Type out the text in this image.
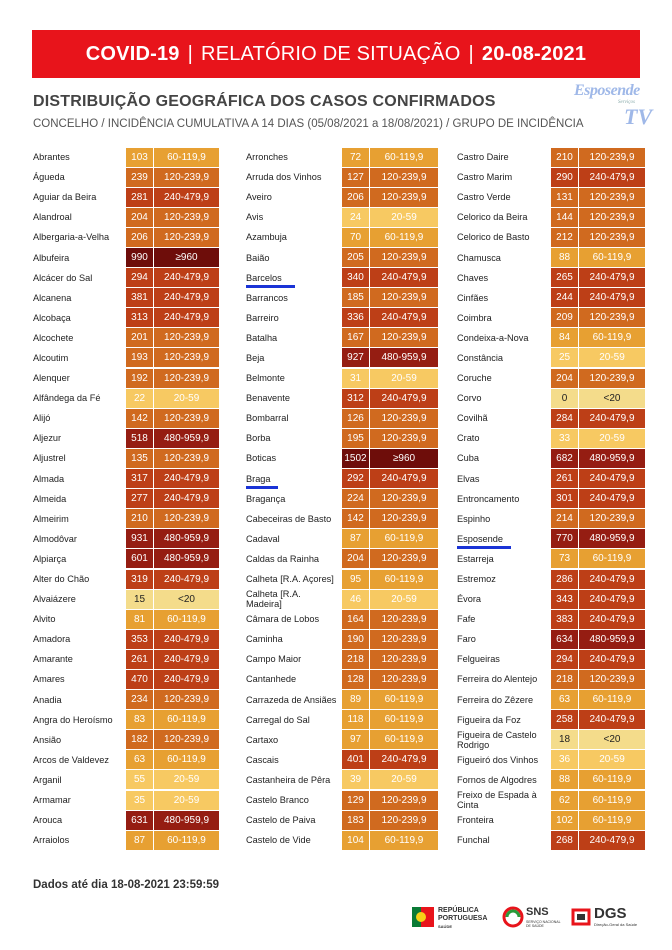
COVID-19 | RELATÓRIO DE SITUAÇÃO | 20-08-2021
DISTRIBUIÇÃO GEOGRÁFICA DOS CASOS CONFIRMADOS
CONCELHO / INCIDÊNCIA CUMULATIVA A 14 DIAS (05/08/2021 a 18/08/2021) / GRUPO DE INCIDÊNCIA
Esposende
Serviços
TV
Abrantes	103	60-119,9
Águeda	239	120-239,9
Aguiar da Beira	281	240-479,9
Alandroal	204	120-239,9
Albergaria-a-Velha	206	120-239,9
Albufeira	990	≥960
Alcácer do Sal	294	240-479,9
Alcanena	381	240-479,9
Alcobaça	313	240-479,9
Alcochete	201	120-239,9
Alcoutim	193	120-239,9
Alenquer	192	120-239,9
Alfândega da Fé	22	20-59
Alijó	142	120-239,9
Aljezur	518	480-959,9
Aljustrel	135	120-239,9
Almada	317	240-479,9
Almeida	277	240-479,9
Almeirim	210	120-239,9
Almodôvar	931	480-959,9
Alpiarça	601	480-959,9
Alter do Chão	319	240-479,9
Alvaiázere	15	<20
Alvito	81	60-119,9
Amadora	353	240-479,9
Amarante	261	240-479,9
Amares	470	240-479,9
Anadia	234	120-239,9
Angra do Heroísmo	83	60-119,9
Ansião	182	120-239,9
Arcos de Valdevez	63	60-119,9
Arganil	55	20-59
Armamar	35	20-59
Arouca	631	480-959,9
Arraiolos	87	60-119,9
Arronches	72	60-119,9
Arruda dos Vinhos	127	120-239,9
Aveiro	206	120-239,9
Avis	24	20-59
Azambuja	70	60-119,9
Baião	205	120-239,9
Barcelos	340	240-479,9
Barrancos	185	120-239,9
Barreiro	336	240-479,9
Batalha	167	120-239,9
Beja	927	480-959,9
Belmonte	31	20-59
Benavente	312	240-479,9
Bombarral	126	120-239,9
Borba	195	120-239,9
Boticas	1502	≥960
Braga	292	240-479,9
Bragança	224	120-239,9
Cabeceiras de Basto	142	120-239,9
Cadaval	87	60-119,9
Caldas da Rainha	204	120-239,9
Calheta [R.A. Açores]	95	60-119,9
Calheta [R.A. Madeira]	46	20-59
Câmara de Lobos	164	120-239,9
Caminha	190	120-239,9
Campo Maior	218	120-239,9
Cantanhede	128	120-239,9
Carrazeda de Ansiães	89	60-119,9
Carregal do Sal	118	60-119,9
Cartaxo	97	60-119,9
Cascais	401	240-479,9
Castanheira de Pêra	39	20-59
Castelo Branco	129	120-239,9
Castelo de Paiva	183	120-239,9
Castelo de Vide	104	60-119,9
Castro Daire	210	120-239,9
Castro Marim	290	240-479,9
Castro Verde	131	120-239,9
Celorico da Beira	144	120-239,9
Celorico de Basto	212	120-239,9
Chamusca	88	60-119,9
Chaves	265	240-479,9
Cinfães	244	240-479,9
Coimbra	209	120-239,9
Condeixa-a-Nova	84	60-119,9
Constância	25	20-59
Coruche	204	120-239,9
Corvo	0	<20
Covilhã	284	240-479,9
Crato	33	20-59
Cuba	682	480-959,9
Elvas	261	240-479,9
Entroncamento	301	240-479,9
Espinho	214	120-239,9
Esposende	770	480-959,9
Estarreja	73	60-119,9
Estremoz	286	240-479,9
Évora	343	240-479,9
Fafe	383	240-479,9
Faro	634	480-959,9
Felgueiras	294	240-479,9
Ferreira do Alentejo	218	120-239,9
Ferreira do Zêzere	63	60-119,9
Figueira da Foz	258	240-479,9
Figueira de Castelo Rodrigo	18	<20
Figueiró dos Vinhos	36	20-59
Fornos de Algodres	88	60-119,9
Freixo de Espada à Cinta	62	60-119,9
Fronteira	102	60-119,9
Funchal	268	240-479,9
Dados até dia 18-08-2021 23:59:59
REPÚBLICA
PORTUGUESA
SAÚDE
SNS
SERVIÇO NACIONAL DE SAÚDE
DGS
Direção-Geral da Saúde
